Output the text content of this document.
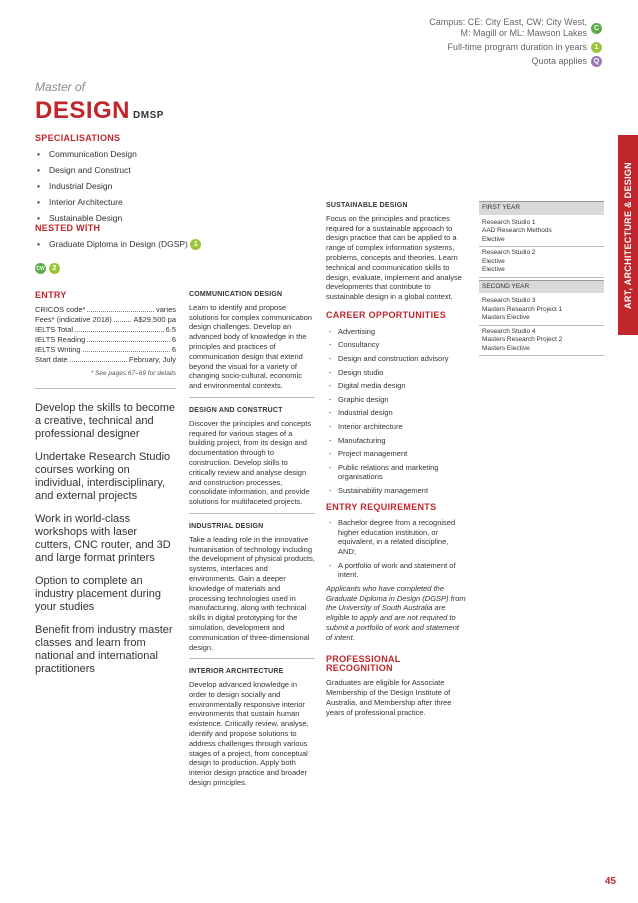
Campus: CE: City East, CW: City West,
M: Magill or ML: Mawson Lakes C
Full-time program duration in years	1
Quota applies Q
ART, ARCHITECTURE & DESIGN
Master of
DESIGN DMSP
SPECIALISATIONS
• Communication Design
• Design and Construct
• Industrial Design
• Interior Architecture
• Sustainable Design
NESTED WITH
• Graduate Diploma in Design (DGSP) 1
CW	2
ENTRY
CRICOS code*	varies
Fees* (indicative 2018)	A$29,500 pa
IELTS Total	6.5
IELTS Reading	6
IELTS Writing	6
Start date	February, July
* See pages 67–69 for details

Develop the skills to become a creative, technical and professional designer

Undertake Research Studio courses working on individual, interdisciplinary, and external projects

Work in world-class workshops with laser cutters, CNC router, and 3D and large format printers

Option to complete an industry placement during your studies

Benefit from industry master classes and learn from national and international practitioners

COMMUNICATION DESIGN
Learn to identify and propose solutions for complex communication design challenges. Develop an advanced body of knowledge in the principles and practices of communication design that extend beyond the visual for a variety of changing socio-cultural, economic and environmental contexts.
DESIGN AND CONSTRUCT
Discover the principles and concepts required for various stages of a building project, from its design and documentation through to construction. Develop skills to critically review and analyse design and construction processes, consolidate information, and provide solutions for multifaceted projects.
INDUSTRIAL DESIGN
Take a leading role in the innovative humanisation of technology including the development of physical products, systems, interfaces and environments. Gain a deeper knowledge of materials and processing technologies used in manufacturing, along with technical skills in digital prototyping for the simulation, development and communication of three-dimensional design.
INTERIOR ARCHITECTURE
Develop advanced knowledge in order to design socially and environmentally responsive interior environments that sustain human existence. Critically review, analyse, identify and propose solutions to address challenges through various stages of a project, from conceptual design to production. Apply both interior design practice and broader design principles.
SUSTAINABLE DESIGN
Focus on the principles and practices required for a sustainable approach to design practice that can be applied to a range of complex information systems, problems, concepts and theories. Learn technical and communication skills to design, evaluate, implement and analyse developments that contribute to sustainable design in a global context.
CAREER OPPORTUNITIES
- Advertising
- Consultancy
- Design and construction advisory
- Design studio
- Digital media design
- Graphic design
- Industrial design
- Interior architecture
- Manufacturing
- Project management
- Public relations and marketing organisations
- Sustainability management
ENTRY REQUIREMENTS
- Bachelor degree from a recognised higher education institution, or equivalent, in a related discipline, AND;
- A portfolio of work and statement of intent.
Applicants who have completed the Graduate Diploma in Design (DGSP) from the University of South Australia are eligible to apply and are not required to submit a portfolio of work and statement of intent.
PROFESSIONAL RECOGNITION
Graduates are eligible for Associate Membership of the Design Institute of Australia, and Membership after three years of professional practice.
FIRST YEAR
Research Studio 1
AAD Research Methods
Elective
Research Studio 2
Elective
Elective
SECOND YEAR
Research Studio 3
Masters Research Project 1
Masters Elective
Research Studio 4
Masters Research Project 2
Masters Elective
45
